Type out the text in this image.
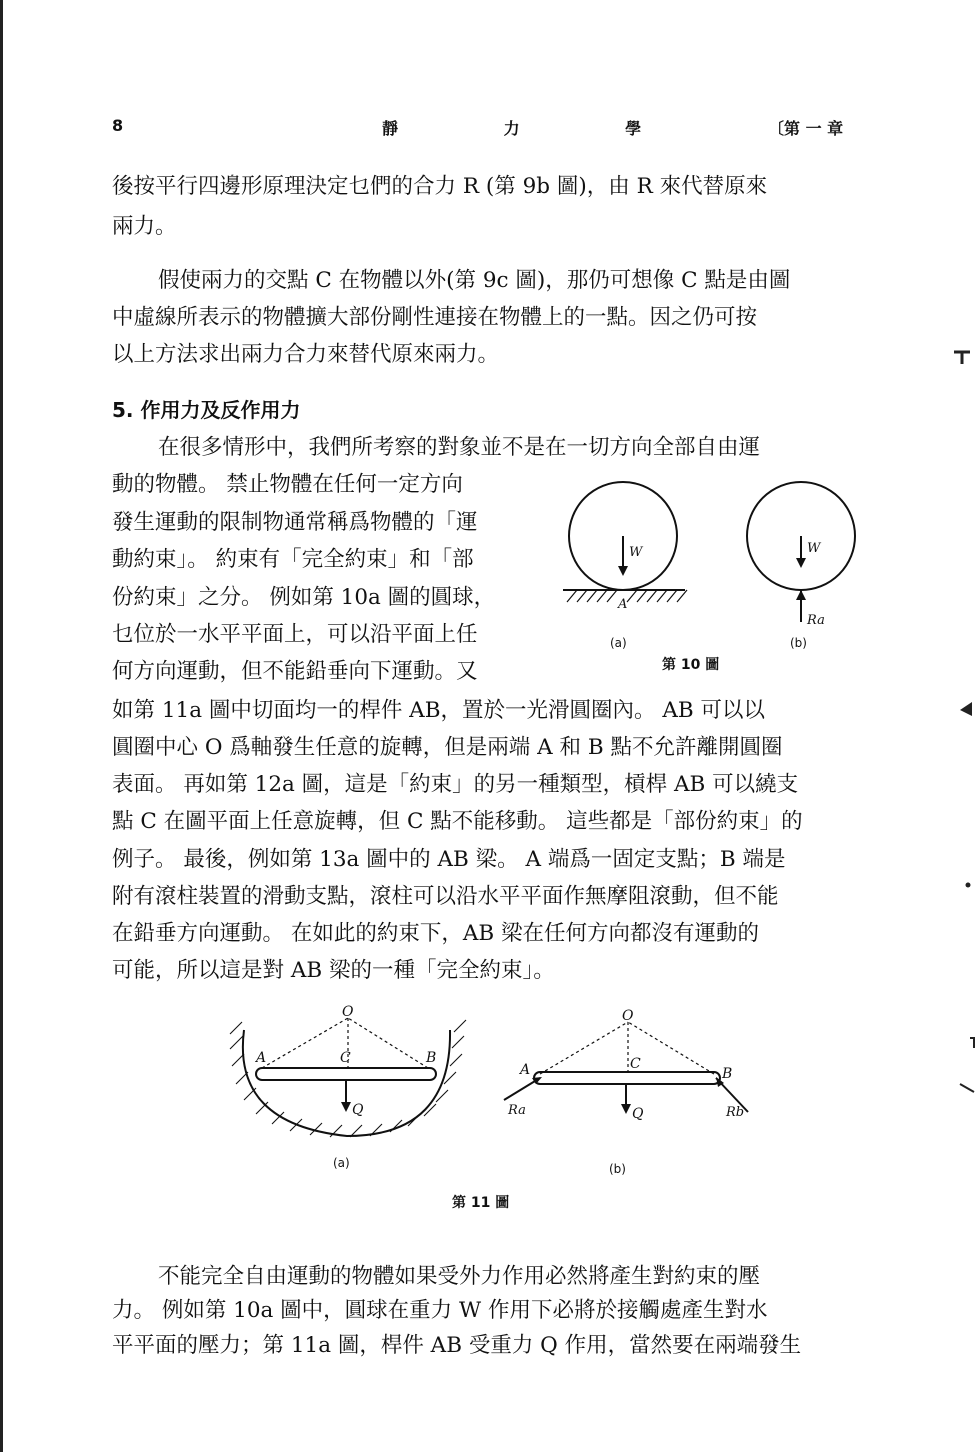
8	靜 力 學	〔第 一 章
後按平行四邊形原理決定乜們的合力 R (第 9b 圖)，由 R 來代替原來
兩力。
假使兩力的交點 C 在物體以外(第 9c 圖)，那仍可想像 C 點是由圖
中虛線所表示的物體擴大部份剛性連接在物體上的一點。因之仍可按
以上方法求出兩力合力來替代原來兩力。
5. 作用力及反作用力
在很多情形中，我們所考察的對象並不是在一切方向全部自由運
動的物體。 禁止物體在任何一定方向
發生運動的限制物通常稱爲物體的「運
動約束」。 約束有「完全約束」和「部
份約束」之分。 例如第 10a 圖的圓球，
乜位於一水平平面上，可以沿平面上任
何方向運動，但不能鉛垂向下運動。又
如第 11a 圖中切面均一的桿件 AB，置於一光滑圓圈內。 AB 可以以
圓圈中心 O 爲軸發生任意的旋轉，但是兩端 A 和 B 點不允許離開圓圈
表面。 再如第 12a 圖，這是「約束」的另一種類型，槓桿 AB 可以繞支
點 C 在圖平面上任意旋轉，但 C 點不能移動。 這些都是「部份約束」的
例子。 最後，例如第 13a 圖中的 AB 梁。 A 端爲一固定支點；B 端是
附有滾柱裝置的滑動支點，滾柱可以沿水平平面作無摩阻滾動，但不能
在鉛垂方向運動。 在如此的約束下，AB 梁在任何方向都沒有運動的
可能，所以這是對 AB 梁的一種「完全約束」。
W
A
W
Ra
(a)	(b)
第 10 圖
O
A	B
C
Q
O
A	B
C
Q
Ra	Rb
(a)	(b)
第 11 圖
不能完全自由運動的物體如果受外力作用必然將產生對約束的壓
力。 例如第 10a 圖中，圓球在重力 W 作用下必將於接觸處產生對水
平平面的壓力；第 11a 圖，桿件 AB 受重力 Q 作用，當然要在兩端發生
